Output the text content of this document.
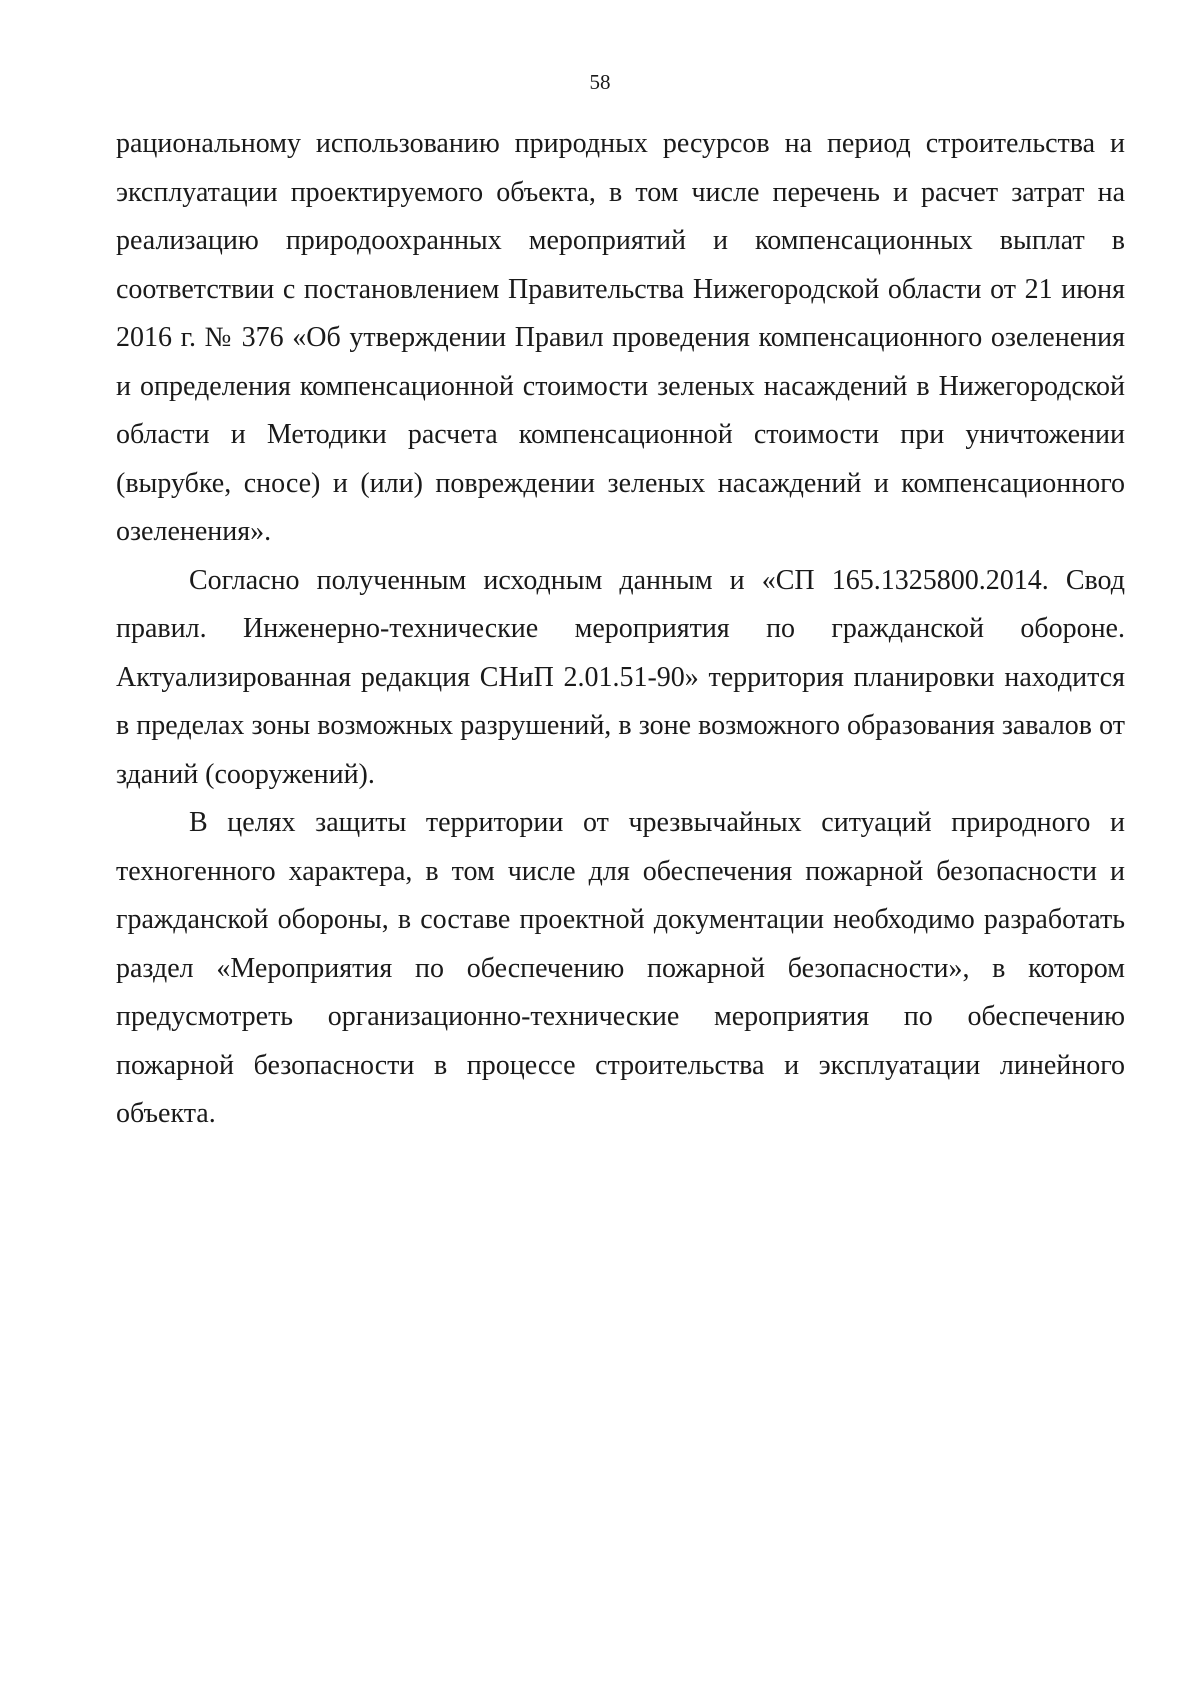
58

рациональному использованию природных ресурсов на период строительства и эксплуатации проектируемого объекта, в том числе перечень и расчет затрат на реализацию природоохранных мероприятий и компенсационных выплат в соответствии с постановлением Правительства Нижегородской области от 21 июня 2016 г. № 376 «Об утверждении Правил проведения компенсационного озеленения и определения компенсационной стоимости зеленых насаждений в Нижегородской области и Методики расчета компенсационной стоимости при уничтожении (вырубке, сносе) и (или) повреждении зеленых насаждений и компенсационного озеленения».

Согласно полученным исходным данным и «СП 165.1325800.2014. Свод правил. Инженерно-технические мероприятия по гражданской обороне. Актуализированная редакция СНиП 2.01.51-90» территория планировки находится в пределах зоны возможных разрушений, в зоне возможного образования завалов от зданий (сооружений).

В целях защиты территории от чрезвычайных ситуаций природного и техногенного характера, в том числе для обеспечения пожарной безопасности и гражданской обороны, в составе проектной документации необходимо разработать раздел «Мероприятия по обеспечению пожарной безопасности», в котором предусмотреть организационно-технические мероприятия по обеспечению пожарной безопасности в процессе строительства и эксплуатации линейного объекта.
